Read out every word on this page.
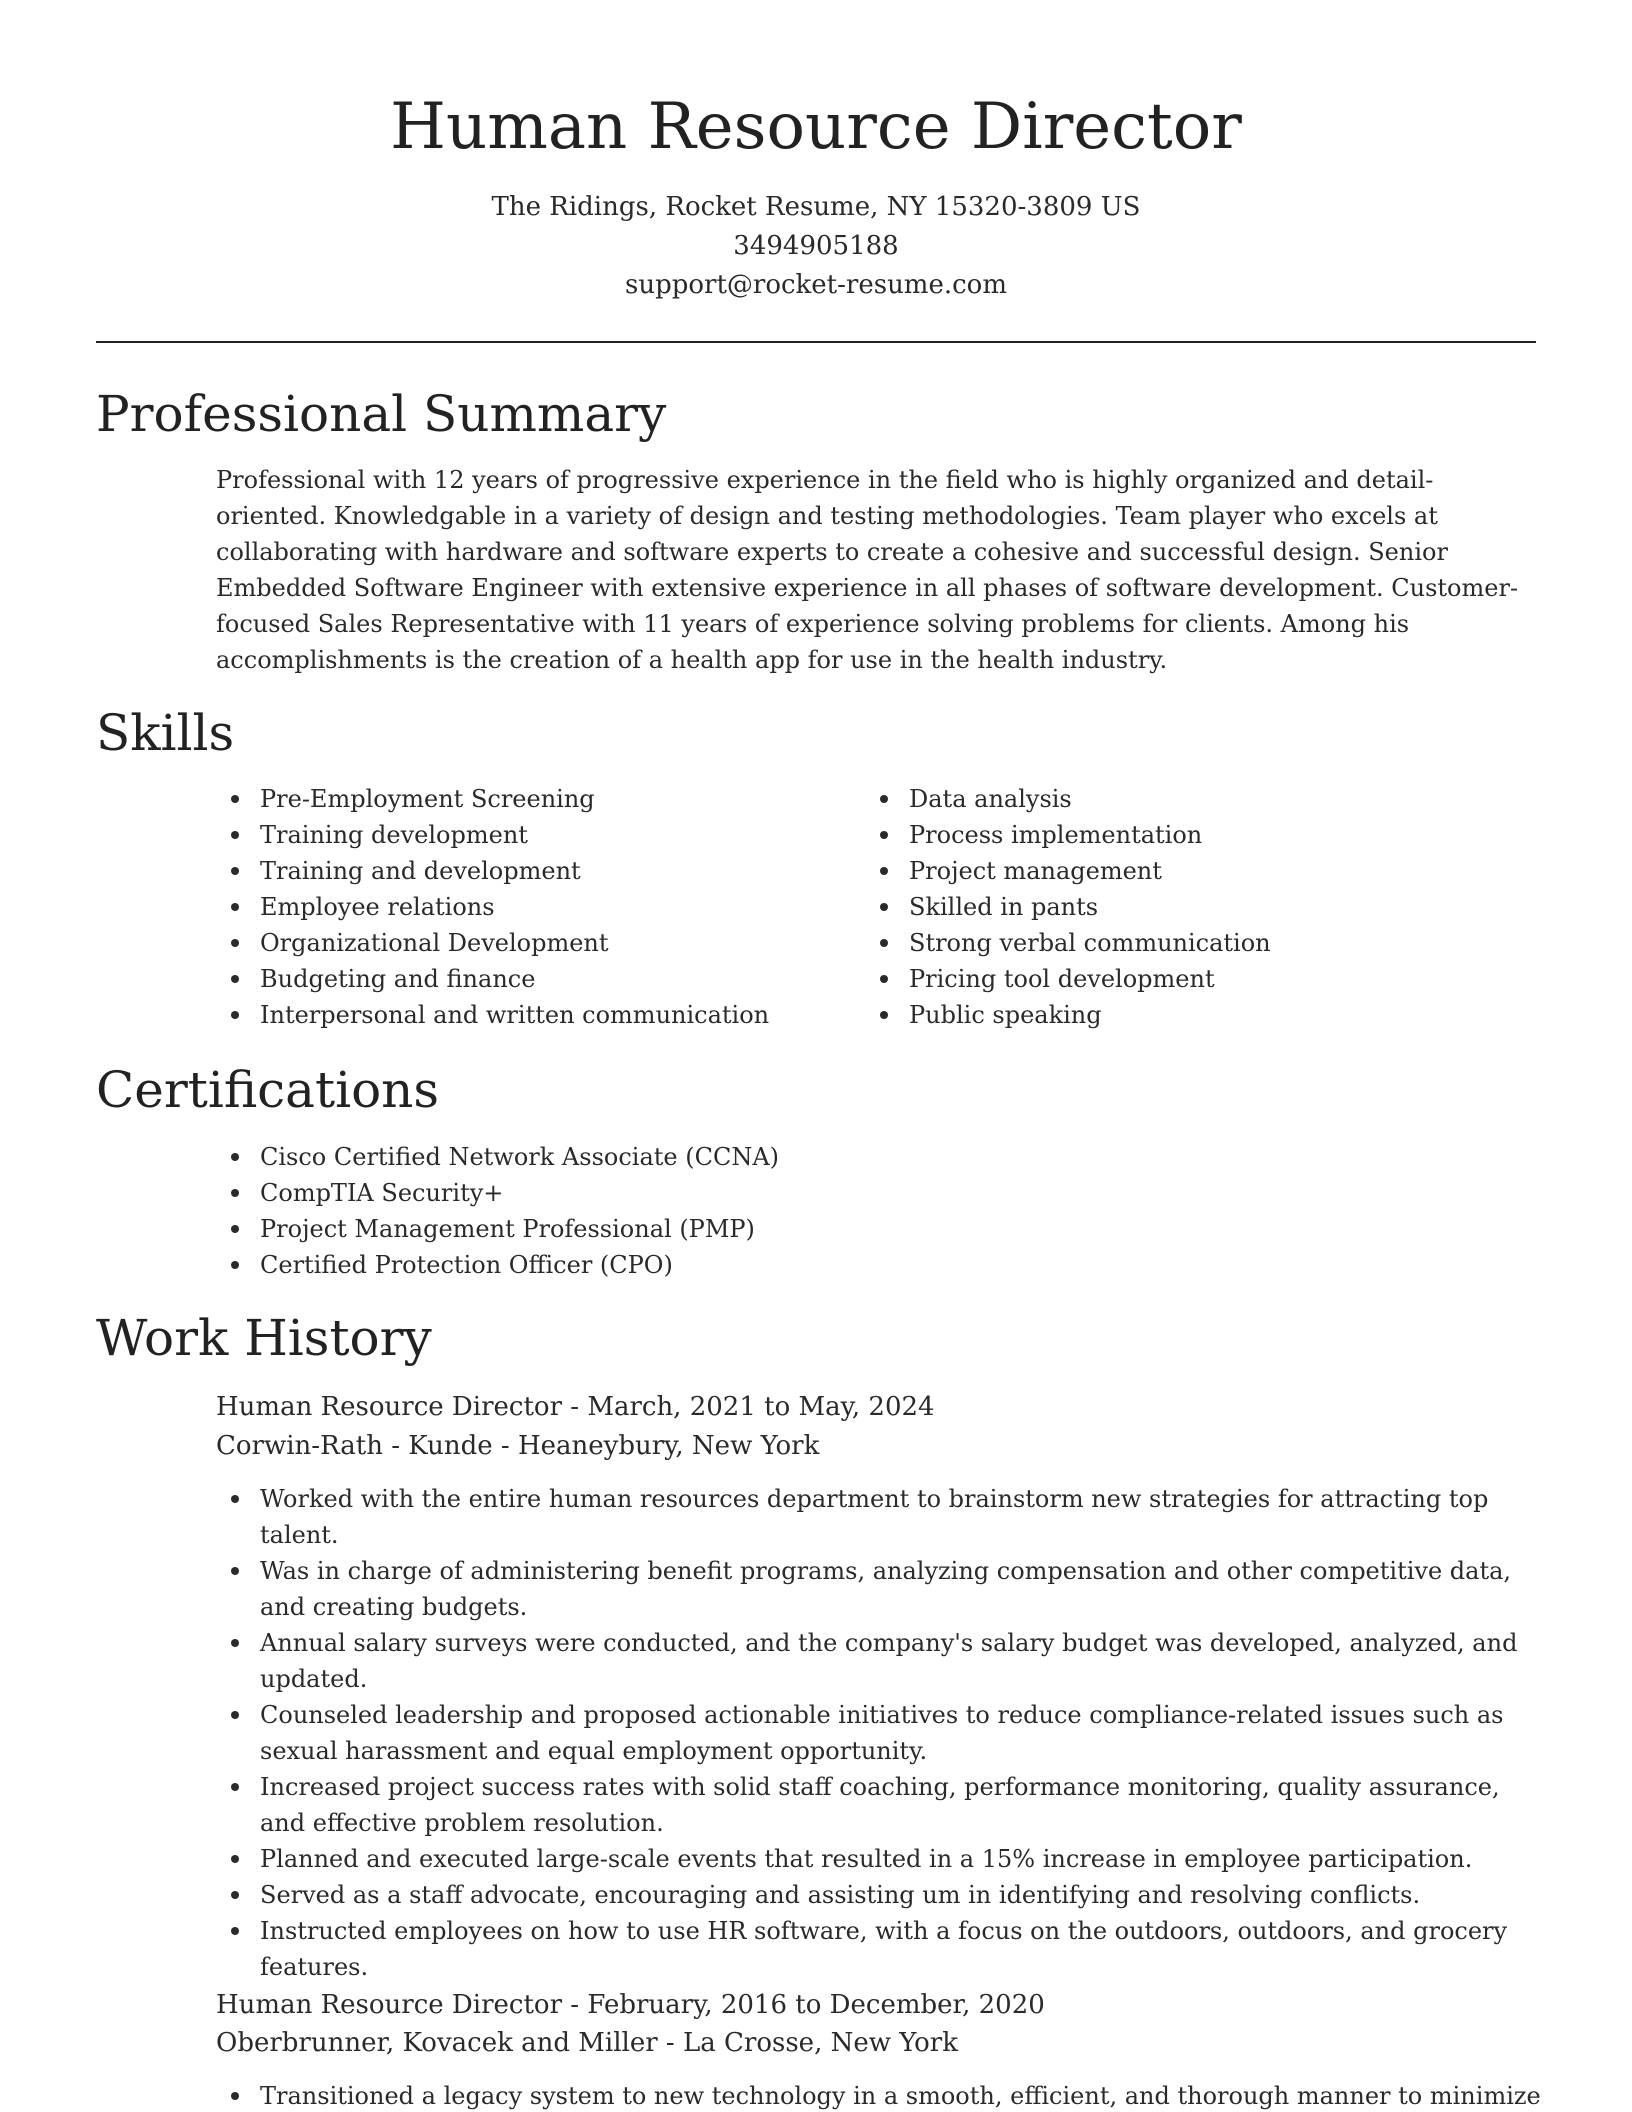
Human Resource Director
The Ridings, Rocket Resume, NY 15320-3809 US
3494905188
support@rocket-resume.com
Professional Summary

Professional with 12 years of progressive experience in the field who is highly organized and detail-oriented. Knowledgable in a variety of design and testing methodologies. Team player who excels at collaborating with hardware and software experts to create a cohesive and successful design. Senior Embedded Software Engineer with extensive experience in all phases of software development. Customer-focused Sales Representative with 11 years of experience solving problems for clients. Among his accomplishments is the creation of a health app for use in the health industry.

Skills
Pre-Employment Screening
Training development
Training and development
Employee relations
Organizational Development
Budgeting and finance
Interpersonal and written communication
Data analysis
Process implementation
Project management
Skilled in pants
Strong verbal communication
Pricing tool development
Public speaking
Certifications
Cisco Certified Network Associate (CCNA)
CompTIA Security+
Project Management Professional (PMP)
Certified Protection Officer (CPO)
Work History
Human Resource Director - March, 2021 to May, 2024
Corwin-Rath - Kunde - Heaneybury, New York
Worked with the entire human resources department to brainstorm new strategies for attracting top talent.
Was in charge of administering benefit programs, analyzing compensation and other competitive data, and creating budgets.
Annual salary surveys were conducted, and the company's salary budget was developed, analyzed, and updated.
Counseled leadership and proposed actionable initiatives to reduce compliance-related issues such as sexual harassment and equal employment opportunity.
Increased project success rates with solid staff coaching, performance monitoring, quality assurance, and effective problem resolution.
Planned and executed large-scale events that resulted in a 15% increase in employee participation.
Served as a staff advocate, encouraging and assisting um in identifying and resolving conflicts.
Instructed employees on how to use HR software, with a focus on the outdoors, outdoors, and grocery features.
Human Resource Director - February, 2016 to December, 2020
Oberbrunner, Kovacek and Miller - La Crosse, New York
Transitioned a legacy system to new technology in a smooth, efficient, and thorough manner to minimize
